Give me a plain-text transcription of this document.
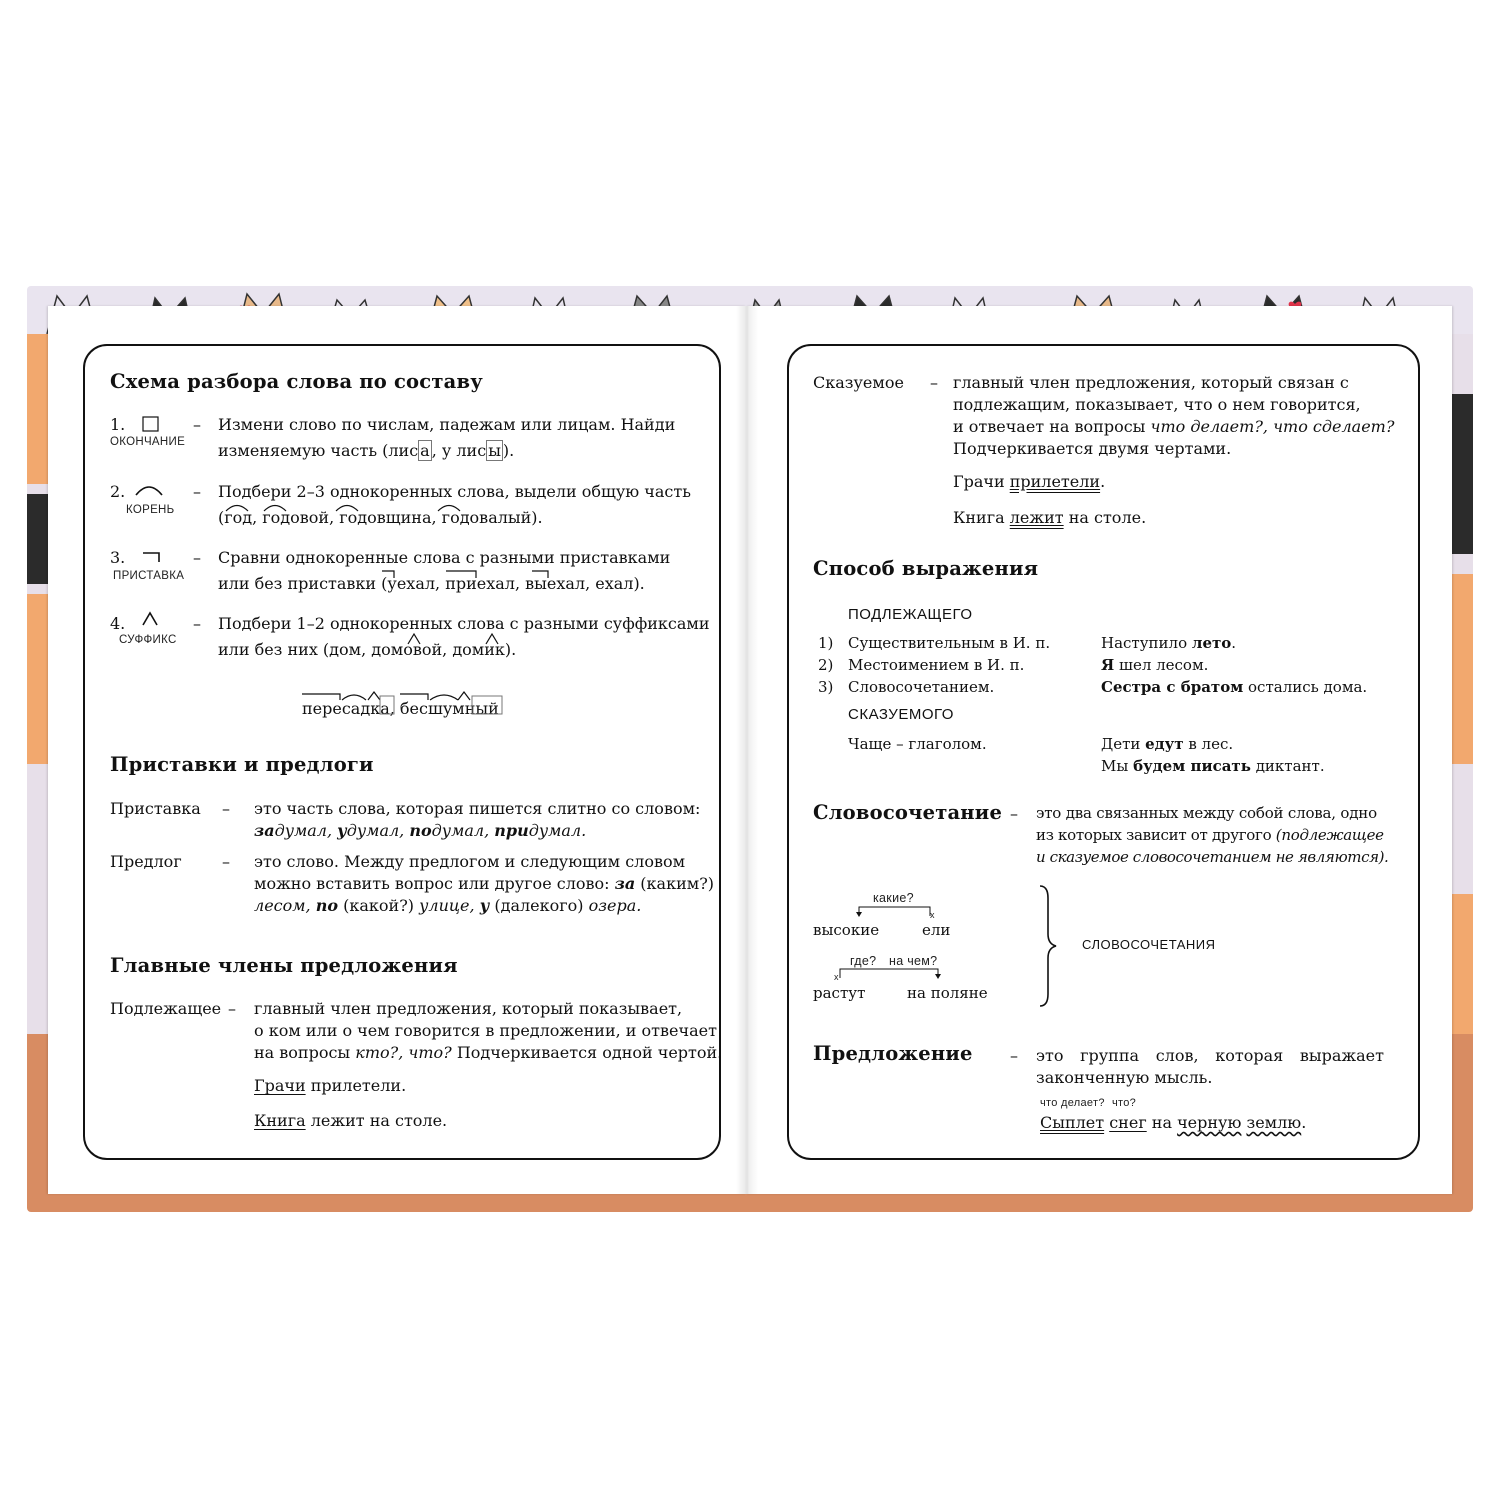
Схема разбора слова по составу
1.
ОКОНЧАНИЕ
– Измени слово по числам, падежам или лицам. Найди
изменяемую часть (лис а , у лис ы ).
2.
КОРЕНЬ
– Подбери 2–3 однокоренных слова, выдели общую часть
(год, годовой, годовщина, годовалый).
3.
ПРИСТАВКА
– Сравни однокоренные слова с разными приставками
или без приставки (уехал, приехал, выехал, ехал).
4.
СУФФИКС
– Подбери 1–2 однокоренных слова с разными суффиксами
или без них (дом, домовой, домик).
пересадка, бесшумный
Приставки и предлоги
Приставка – это часть слова, которая пишется слитно со словом:
задумал, удумал, подумал, придумал.
Предлог	– это слово. Между предлогом и следующим словом
можно вставить вопрос или другое слово: за (каким?)
лесом, по (какой?) улице, у (далекого) озера.
Главные члены предложения
Подлежащее – главный член предложения, который показывает,
о ком или о чем говорится в предложении, и отвечает
на вопросы кто?, что? Подчеркивается одной чертой.
Грачи прилетели.
Книга лежит на столе.
Сказуемое – главный член предложения, который связан с
подлежащим, показывает, что о нем говорится,
и отвечает на вопросы что делает?, что сделает?
Подчеркивается двумя чертами.
Грачи прилетели.
Книга лежит на столе.
Способ выражения
ПОДЛЕЖАЩЕГО
1) Существительным в И. п.	Наступило лето.
2) Местоимением в И. п.	Я шел лесом.
3) Словосочетанием.	Сестра с братом остались дома.
СКАЗУЕМОГО
Чаще – глаголом.	Дети едут в лес.
Мы будем писать диктант.
Словосочетание – это два связанных между собой слова, одно
из которых зависит от другого (подлежащее
и сказуемое словосочетанием не являются).
какие?
x
высокие	ели
где? на чем?
x
растут	на поляне
СЛОВОСОЧЕТАНИЯ
Предложение – это группа слов, которая выражает
законченную мысль.
что делает? что?
Сыплет снег на черную землю.
